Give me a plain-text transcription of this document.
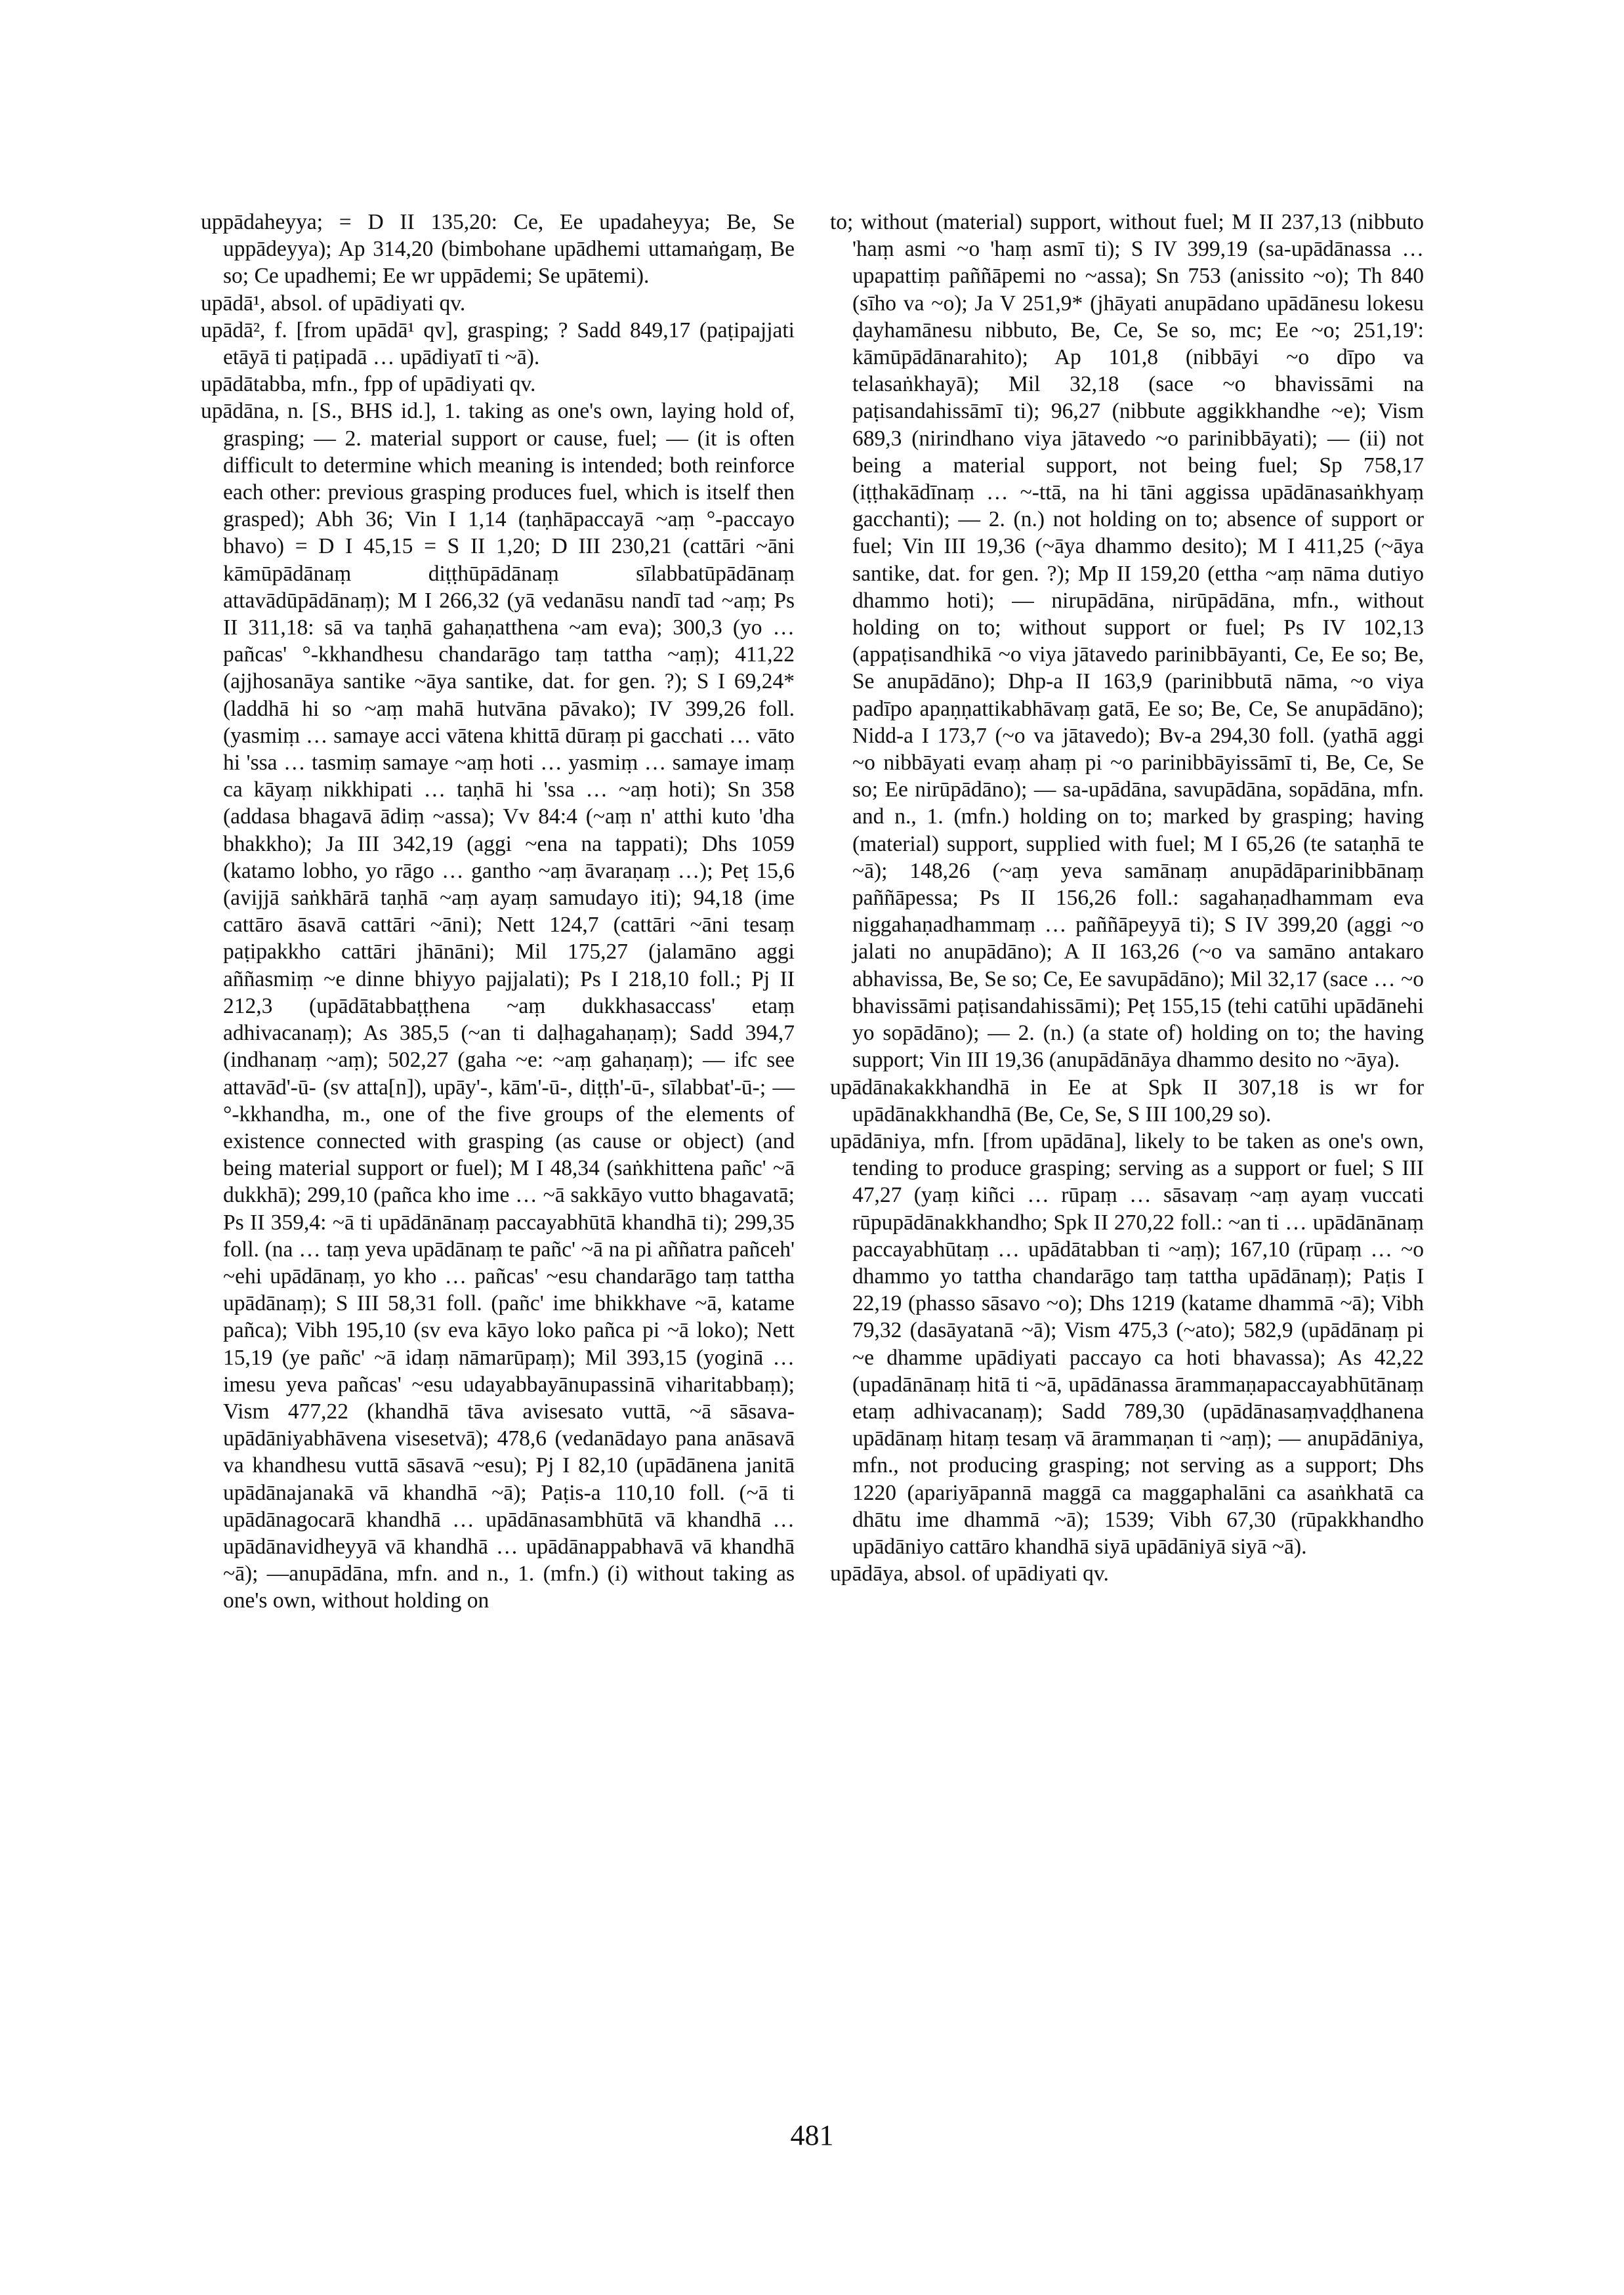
uppādaheyya; = D II 135,20: Ce, Ee upadaheyya; Be, Se uppādeyya); Ap 314,20 (bimbohane upādhemi uttamaṅgaṃ, Be so; Ce upadhemi; Ee wr uppādemi; Se upātemi).

upādā¹, absol. of upādiyati qv.

upādā², f. [from upādā¹ qv], grasping; ? Sadd 849,17 (paṭipajjati etāyā ti paṭipadā … upādiyatī ti ~ā).

upādātabba, mfn., fpp of upādiyati qv.

upādāna, n. [S., BHS id.], 1. taking as one's own, laying hold of, grasping; — 2. material support or cause, fuel; — (it is often difficult to determine which meaning is intended; both reinforce each other: previous grasping produces fuel, which is itself then grasped); Abh 36; Vin I 1,14 (taṇhāpaccayā ~aṃ °-paccayo bhavo) = D I 45,15 = S II 1,20; D III 230,21 (cattāri ~āni kāmūpādānaṃ diṭṭhūpādānaṃ sīlabbatūpādānaṃ attavādūpādānaṃ); M I 266,32 (yā vedanāsu nandī tad ~aṃ; Ps II 311,18: sā va taṇhā gahaṇatthena ~am eva); 300,3 (yo … pañcas' °-kkhandhesu chandarāgo taṃ tattha ~aṃ); 411,22 (ajjhosanāya santike ~āya santike, dat. for gen. ?); S I 69,24* (laddhā hi so ~aṃ mahā hutvāna pāvako); IV 399,26 foll. (yasmiṃ … samaye acci vātena khittā dūraṃ pi gacchati … vāto hi 'ssa … tasmiṃ samaye ~aṃ hoti … yasmiṃ … samaye imaṃ ca kāyaṃ nikkhipati … taṇhā hi 'ssa … ~aṃ hoti); Sn 358 (addasa bhagavā ādiṃ ~assa); Vv 84:4 (~aṃ n' atthi kuto 'dha bhakkho); Ja III 342,19 (aggi ~ena na tappati); Dhs 1059 (katamo lobho, yo rāgo … gantho ~aṃ āvaraṇaṃ …); Peṭ 15,6 (avijjā saṅkhārā taṇhā ~aṃ ayaṃ samudayo iti); 94,18 (ime cattāro āsavā cattāri ~āni); Nett 124,7 (cattāri ~āni tesaṃ paṭipakkho cattāri jhānāni); Mil 175,27 (jalamāno aggi aññasmiṃ ~e dinne bhiyyo pajjalati); Ps I 218,10 foll.; Pj II 212,3 (upādātabbaṭṭhena ~aṃ dukkhasaccass' etaṃ adhivacanaṃ); As 385,5 (~an ti daḷhagahaṇaṃ); Sadd 394,7 (indhanaṃ ~aṃ); 502,27 (gaha ~e: ~aṃ gahaṇaṃ); — ifc see attavād'-ū- (sv atta[n]), upāy'-, kām'-ū-, diṭṭh'-ū-, sīlabbat'-ū-; —°-kkhandha, m., one of the five groups of the elements of existence connected with grasping (as cause or object) (and being material support or fuel); M I 48,34 (saṅkhittena pañc' ~ā dukkhā); 299,10 (pañca kho ime … ~ā sakkāyo vutto bhagavatā; Ps II 359,4: ~ā ti upādānānaṃ paccayabhūtā khandhā ti); 299,35 foll. (na … taṃ yeva upādānaṃ te pañc' ~ā na pi aññatra pañceh' ~ehi upādānaṃ, yo kho … pañcas' ~esu chandarāgo taṃ tattha upādānaṃ); S III 58,31 foll. (pañc' ime bhikkhave ~ā, katame pañca); Vibh 195,10 (sv eva kāyo loko pañca pi ~ā loko); Nett 15,19 (ye pañc' ~ā idaṃ nāmarūpaṃ); Mil 393,15 (yoginā … imesu yeva pañcas' ~esu udayabbayānupassinā viharitabbaṃ); Vism 477,22 (khandhā tāva avisesato vuttā, ~ā sāsava-upādāniyabhāvena visesetvā); 478,6 (vedanādayo pana anāsavā va khandhesu vuttā sāsavā ~esu); Pj I 82,10 (upādānena janitā upādānajanakā vā khandhā ~ā); Paṭis-a 110,10 foll. (~ā ti upādānagocarā khandhā … upādānasambhūtā vā khandhā … upādānavidheyyā vā khandhā … upādānappabhavā vā khandhā ~ā); —anupādāna, mfn. and n., 1. (mfn.) (i) without taking as one's own, without holding on

to; without (material) support, without fuel; M II 237,13 (nibbuto 'haṃ asmi ~o 'haṃ asmī ti); S IV 399,19 (sa-upādānassa … upapattiṃ paññāpemi no ~assa); Sn 753 (anissito ~o); Th 840 (sīho va ~o); Ja V 251,9* (jhāyati anupādano upādānesu lokesu ḍayhamānesu nibbuto, Be, Ce, Se so, mc; Ee ~o; 251,19': kāmūpādānarahito); Ap 101,8 (nibbāyi ~o dīpo va telasaṅkhayā); Mil 32,18 (sace ~o bhavissāmi na paṭisandahissāmī ti); 96,27 (nibbute aggikkhandhe ~e); Vism 689,3 (nirindhano viya jātavedo ~o parinibbāyati); — (ii) not being a material support, not being fuel; Sp 758,17 (iṭṭhakādīnaṃ … ~-ttā, na hi tāni aggissa upādānasaṅkhyaṃ gacchanti); — 2. (n.) not holding on to; absence of support or fuel; Vin III 19,36 (~āya dhammo desito); M I 411,25 (~āya santike, dat. for gen. ?); Mp II 159,20 (ettha ~aṃ nāma dutiyo dhammo hoti); — nirupādāna, nirūpādāna, mfn., without holding on to; without support or fuel; Ps IV 102,13 (appaṭisandhikā ~o viya jātavedo parinibbāyanti, Ce, Ee so; Be, Se anupādāno); Dhp-a II 163,9 (parinibbutā nāma, ~o viya padīpo apaṇṇattikabhāvaṃ gatā, Ee so; Be, Ce, Se anupādāno); Nidd-a I 173,7 (~o va jātavedo); Bv-a 294,30 foll. (yathā aggi ~o nibbāyati evaṃ ahaṃ pi ~o parinibbāyissāmī ti, Be, Ce, Se so; Ee nirūpādāno); — sa-upādāna, savupādāna, sopādāna, mfn. and n., 1. (mfn.) holding on to; marked by grasping; having (material) support, supplied with fuel; M I 65,26 (te sataṇhā te ~ā); 148,26 (~aṃ yeva samānaṃ anupādāparinibbānaṃ paññāpessa; Ps II 156,26 foll.: sagahaṇadhammam eva niggahaṇadhammaṃ … paññāpeyyā ti); S IV 399,20 (aggi ~o jalati no anupādāno); A II 163,26 (~o va samāno antakaro abhavissa, Be, Se so; Ce, Ee savupādāno); Mil 32,17 (sace … ~o bhavissāmi paṭisandahissāmi); Peṭ 155,15 (tehi catūhi upādānehi yo sopādāno); — 2. (n.) (a state of) holding on to; the having support; Vin III 19,36 (anupādānāya dhammo desito no ~āya).

upādānakakkhandhā in Ee at Spk II 307,18 is wr for upādānakkhandhā (Be, Ce, Se, S III 100,29 so).

upādāniya, mfn. [from upādāna], likely to be taken as one's own, tending to produce grasping; serving as a support or fuel; S III 47,27 (yaṃ kiñci … rūpaṃ … sāsavaṃ ~aṃ ayaṃ vuccati rūpupādānakkhandho; Spk II 270,22 foll.: ~an ti … upādānānaṃ paccayabhūtaṃ … upādātabban ti ~aṃ); 167,10 (rūpaṃ … ~o dhammo yo tattha chandarāgo taṃ tattha upādānaṃ); Paṭis I 22,19 (phasso sāsavo ~o); Dhs 1219 (katame dhammā ~ā); Vibh 79,32 (dasāyatanā ~ā); Vism 475,3 (~ato); 582,9 (upādānaṃ pi ~e dhamme upādiyati paccayo ca hoti bhavassa); As 42,22 (upadānānaṃ hitā ti ~ā, upādānassa ārammaṇapaccayabhūtānaṃ etaṃ adhivacanaṃ); Sadd 789,30 (upādānasaṃvaḍḍhanena upādānaṃ hitaṃ tesaṃ vā ārammaṇan ti ~aṃ); — anupādāniya, mfn., not producing grasping; not serving as a support; Dhs 1220 (apariyāpannā maggā ca maggaphalāni ca asaṅkhatā ca dhātu ime dhammā ~ā); 1539; Vibh 67,30 (rūpakkhandho upādāniyo cattāro khandhā siyā upādāniyā siyā ~ā).

upādāya, absol. of upādiyati qv.

481
